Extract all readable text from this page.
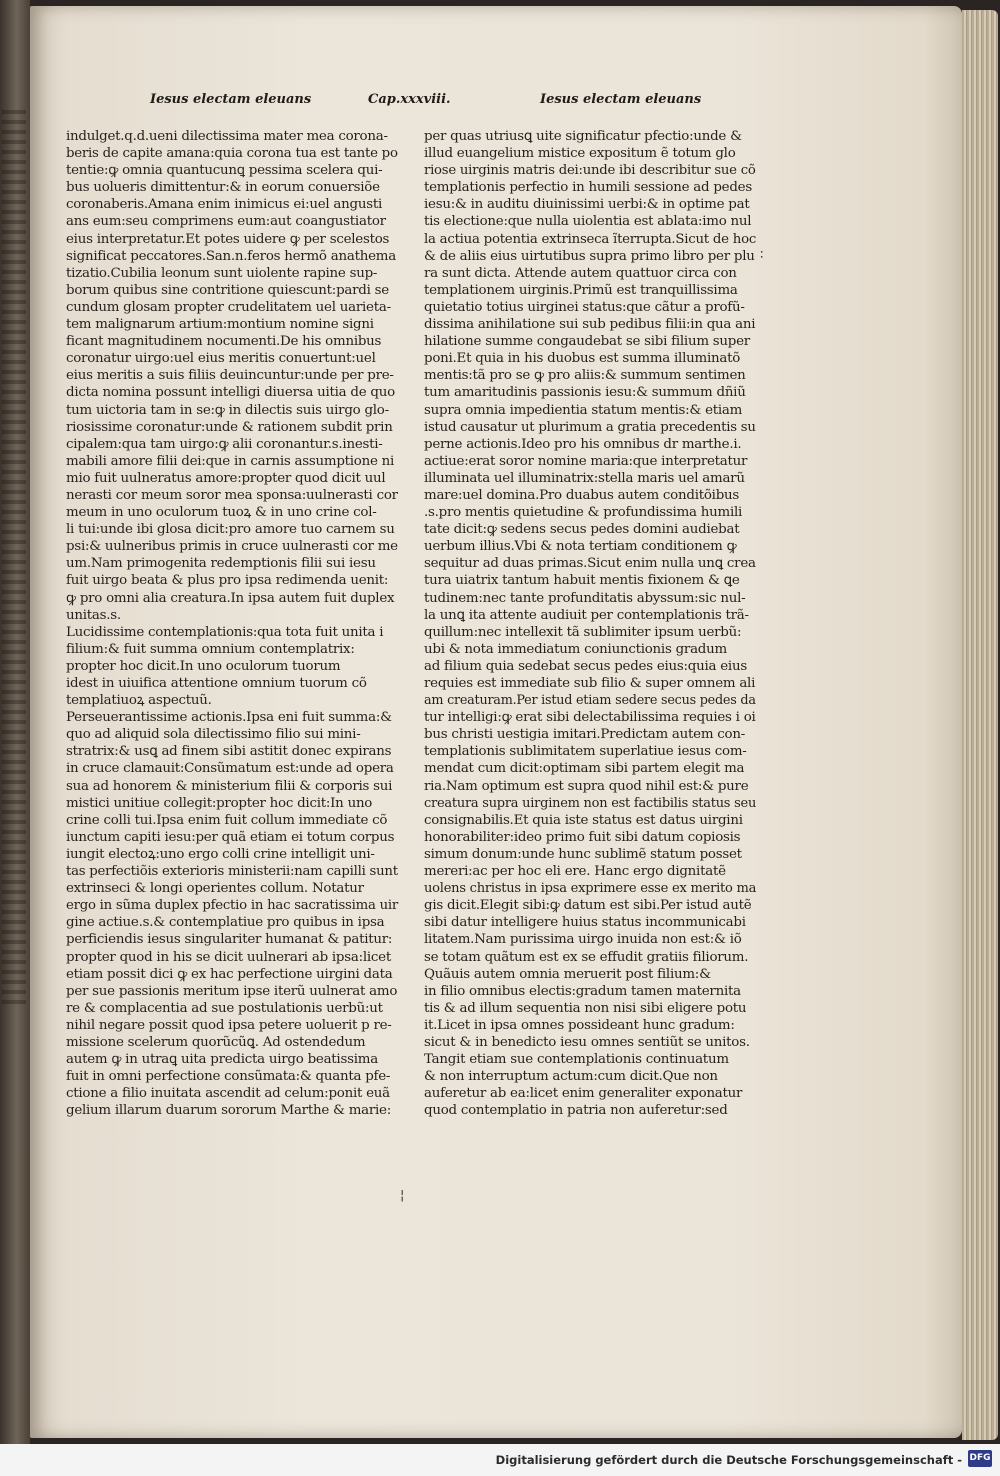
Iesus electam eleuans	Cap.xxxviii.	Iesus electam eleuans
indulget.q.d.ueni dilectissima mater mea corona-
beris de capite amana:quia corona tua est tante po
tentie:ꝙ omnia quantucunꝗ pessima scelera qui-
bus uolueris dimittentur:& in eorum conuersiõe
coronaberis.Amana enim inimicus ei:uel angusti
ans eum:seu comprimens eum:aut coangustiator
eius interpretatur.Et potes uidere ꝙ per scelestos
significat peccatores.San.n.feros hermõ anathema
tizatio.Cubilia leonum sunt uiolente rapine sup-
borum quibus sine contritione quiescunt:pardi se
cundum glosam propter crudelitatem uel uarieta-
tem malignarum artium:montium nomine signi
ficant magnitudinem nocumenti.De his omnibus
coronatur uirgo:uel eius meritis conuertunt:uel
eius meritis a suis filiis deuincuntur:unde per pre-
dicta nomina possunt intelligi diuersa uitia de quo
tum uictoria tam in se:ꝙ in dilectis suis uirgo glo-
riosissime coronatur:unde & rationem subdit prin
cipalem:qua tam uirgo:ꝙ alii coronantur.s.inesti-
mabili amore filii dei:que in carnis assumptione ni
mio fuit uulneratus amore:propter quod dicit uul
nerasti cor meum soror mea sponsa:uulnerasti cor
meum in uno oculorum tuoꝝ & in uno crine col-
li tui:unde ibi glosa dicit:pro amore tuo carnem su
psi:& uulneribus primis in cruce uulnerasti cor me
um.Nam primogenita redemptionis filii sui iesu
fuit uirgo beata & plus pro ipsa redimenda uenit:
ꝙ pro omni alia creatura.In ipsa autem fuit duplex
unitas.s.
Lucidissime contemplationis:qua tota fuit unita i
filium:& fuit summa omnium contemplatrix:
propter hoc dicit.In uno oculorum tuorum
idest in uiuifica attentione omnium tuorum cõ
templatiuoꝝ aspectuũ.
Perseuerantissime actionis.Ipsa eni fuit summa:&
quo ad aliquid sola dilectissimo filio sui mini-
stratrix:& usꝗ ad finem sibi astitit donec expirans
in cruce clamauit:Consũmatum est:unde ad opera
sua ad honorem & ministerium filii & corporis sui
mistici unitiue collegit:propter hoc dicit:In uno
crine colli tui.Ipsa enim fuit collum immediate cõ
iunctum capiti iesu:per quã etiam ei totum corpus
iungit electoꝝ:uno ergo colli crine intelligit uni-
tas perfectiõis exterioris ministerii:nam capilli sunt
extrinseci & longi operientes collum. Notatur
ergo in sũma duplex pfectio in hac sacratissima uir
gine actiue.s.& contemplatiue pro quibus in ipsa
perficiendis iesus singulariter humanat & patitur:
propter quod in his se dicit uulnerari ab ipsa:licet
etiam possit dici ꝙ ex hac perfectione uirgini data
per sue passionis meritum ipse iterũ uulnerat amo
re & complacentia ad sue postulationis uerbũ:ut
nihil negare possit quod ipsa petere uoluerit p re-
missione scelerum quorũcũꝗ. Ad ostendedum
autem ꝙ in utraꝗ uita predicta uirgo beatissima
fuit in omni perfectione consũmata:& quanta pfe-
ctione a filio inuitata ascendit ad celum:ponit euã
gelium illarum duarum sororum Marthe & marie:
per quas utriusꝗ uite significatur pfectio:unde &
illud euangelium mistice expositum ẽ totum glo
riose uirginis matris dei:unde ibi describitur sue cõ
templationis perfectio in humili sessione ad pedes
iesu:& in auditu diuinissimi uerbi:& in optime pat
tis electione:que nulla uiolentia est ablata:imo nul
la actiua potentia extrinseca ĩterrupta.Sicut de hoc
& de aliis eius uirtutibus supra primo libro per plu
ra sunt dicta. Attende autem quattuor circa con
templationem uirginis.Primũ est tranquillissima
quietatio totius uirginei status:que cãtur a profũ-
dissima anihilatione sui sub pedibus filii:in qua ani
hilatione summe congaudebat se sibi filium super
poni.Et quia in his duobus est summa illuminatõ
mentis:tã pro se ꝙ pro aliis:& summum sentimen
tum amaritudinis passionis iesu:& summum dñiũ
supra omnia impedientia statum mentis:& etiam
istud causatur ut plurimum a gratia precedentis su
perne actionis.Ideo pro his omnibus dr marthe.i.
actiue:erat soror nomine maria:que interpretatur
illuminata uel illuminatrix:stella maris uel amarũ
mare:uel domina.Pro duabus autem conditõibus
.s.pro mentis quietudine & profundissima humili
tate dicit:ꝙ sedens secus pedes domini audiebat
uerbum illius.Vbi & nota tertiam conditionem ꝙ
sequitur ad duas primas.Sicut enim nulla unꝗ crea
tura uiatrix tantum habuit mentis fixionem & ꝗe
tudinem:nec tante profunditatis abyssum:sic nul-
la unꝗ ita attente audiuit per contemplationis trã-
quillum:nec intellexit tã sublimiter ipsum uerbũ:
ubi & nota immediatum coniunctionis gradum
ad filium quia sedebat secus pedes eius:quia eius
requies est immediate sub filio & super omnem ali
am creaturam.Per istud etiam sedere secus pedes da
tur intelligi:ꝙ erat sibi delectabilissima requies i oi
bus christi uestigia imitari.Predictam autem con-
templationis sublimitatem superlatiue iesus com-
mendat cum dicit:optimam sibi partem elegit ma
ria.Nam optimum est supra quod nihil est:& pure
creatura supra uirginem non est factibilis status seu
consignabilis.Et quia iste status est datus uirgini
honorabiliter:ideo primo fuit sibi datum copiosis
simum donum:unde hunc sublimẽ statum posset
mereri:ac per hoc eli ere. Hanc ergo dignitatẽ
uolens christus in ipsa exprimere esse ex merito ma
gis dicit.Elegit sibi:ꝙ datum est sibi.Per istud autẽ
sibi datur intelligere huius status incommunicabi
litatem.Nam purissima uirgo inuida non est:& iõ
se totam quãtum est ex se effudit gratiis filiorum.
Quãuis autem omnia meruerit post filium:&
in filio omnibus electis:gradum tamen maternita
tis & ad illum sequentia non nisi sibi eligere potu
it.Licet in ipsa omnes possideant hunc gradum:
sicut & in benedicto iesu omnes sentiũt se unitos.
Tangit etiam sue contemplationis continuatum
& non interruptum actum:cum dicit.Que non
auferetur ab ea:licet enim generaliter exponatur
quod contemplatio in patria non auferetur:sed
¦
∶
Digitalisierung gefördert durch die Deutsche Forschungsgemeinschaft - DFG
